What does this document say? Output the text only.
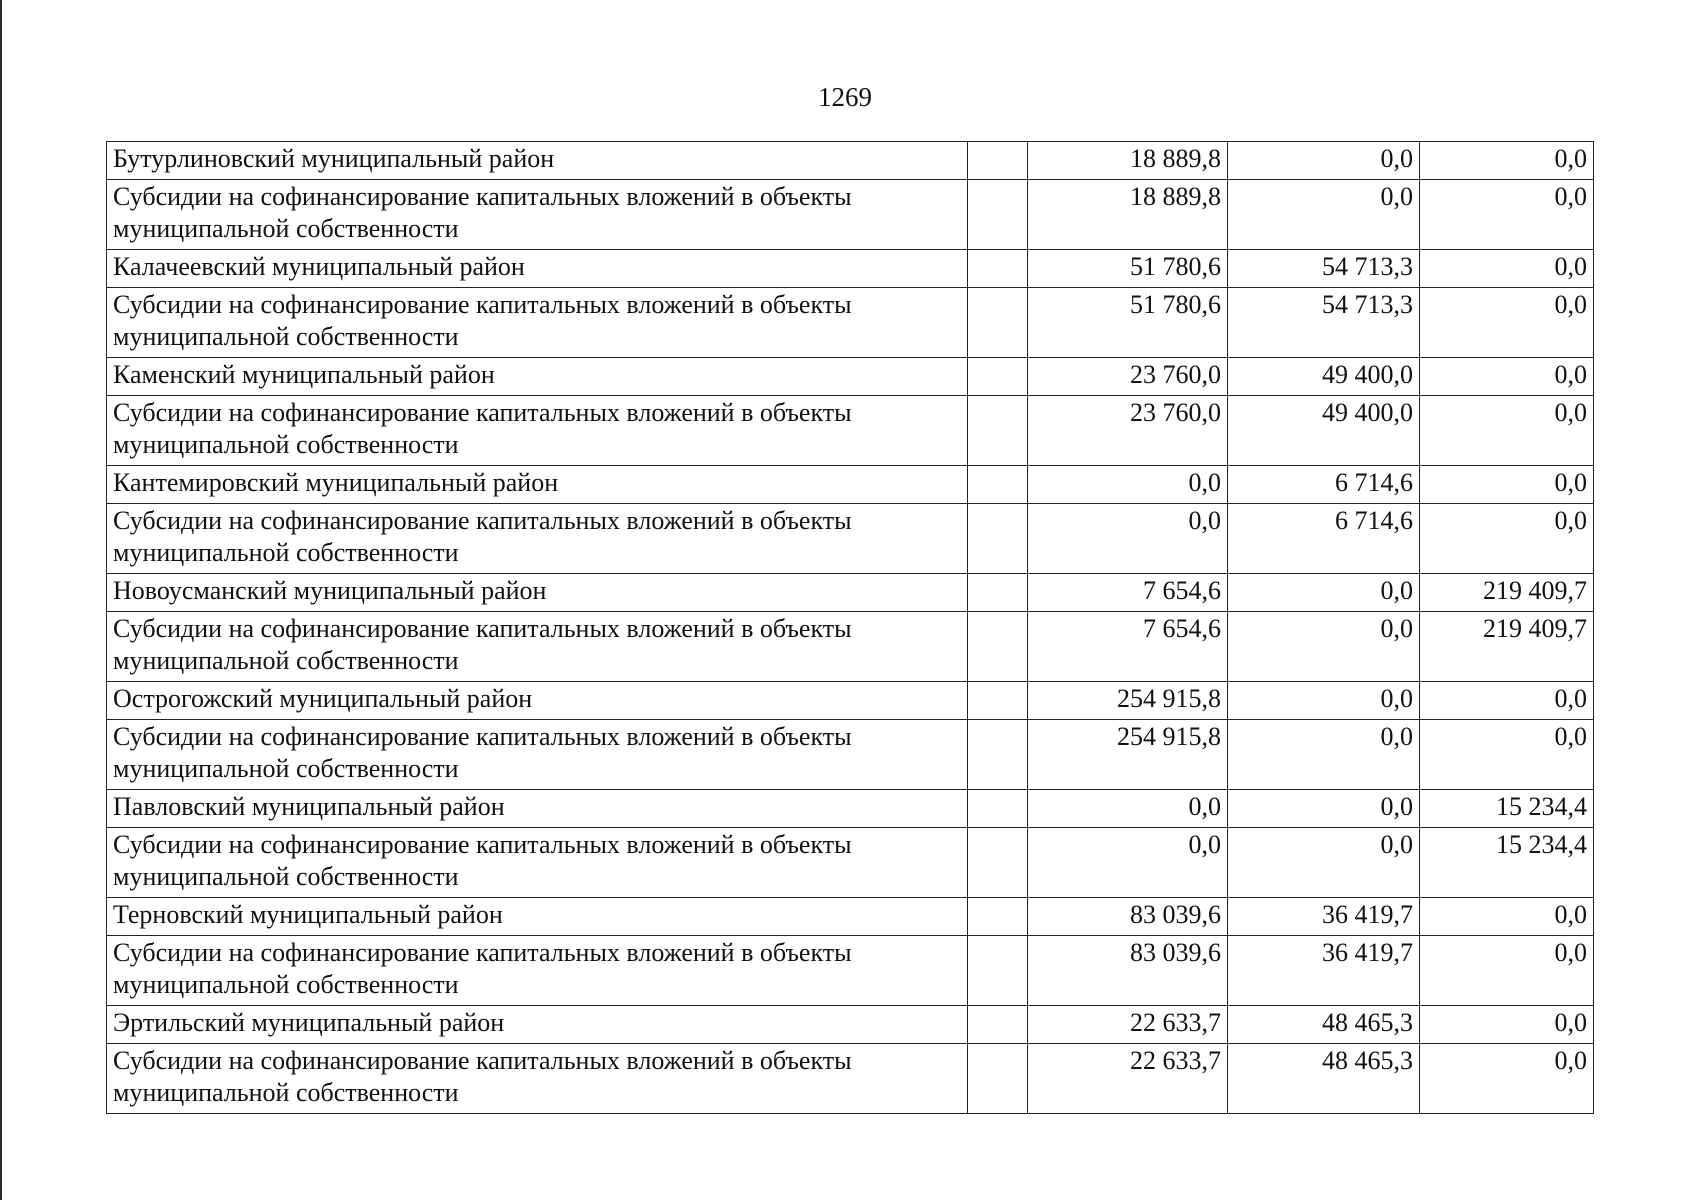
1269
Бутурлиновский муниципальный район		18 889,8	0,0	0,0
Субсидии на софинансирование капитальных вложений в объекты муниципальной собственности		18 889,8	0,0	0,0
Калачеевский муниципальный район		51 780,6	54 713,3	0,0
Субсидии на софинансирование капитальных вложений в объекты муниципальной собственности		51 780,6	54 713,3	0,0
Каменский муниципальный район		23 760,0	49 400,0	0,0
Субсидии на софинансирование капитальных вложений в объекты муниципальной собственности		23 760,0	49 400,0	0,0
Кантемировский муниципальный район		0,0	6 714,6	0,0
Субсидии на софинансирование капитальных вложений в объекты муниципальной собственности		0,0	6 714,6	0,0
Новоусманский муниципальный район		7 654,6	0,0	219 409,7
Субсидии на софинансирование капитальных вложений в объекты муниципальной собственности		7 654,6	0,0	219 409,7
Острогожский муниципальный район		254 915,8	0,0	0,0
Субсидии на софинансирование капитальных вложений в объекты муниципальной собственности		254 915,8	0,0	0,0
Павловский муниципальный район		0,0	0,0	15 234,4
Субсидии на софинансирование капитальных вложений в объекты муниципальной собственности		0,0	0,0	15 234,4
Терновский муниципальный район		83 039,6	36 419,7	0,0
Субсидии на софинансирование капитальных вложений в объекты муниципальной собственности		83 039,6	36 419,7	0,0
Эртильский муниципальный район		22 633,7	48 465,3	0,0
Субсидии на софинансирование капитальных вложений в объекты муниципальной собственности		22 633,7	48 465,3	0,0
